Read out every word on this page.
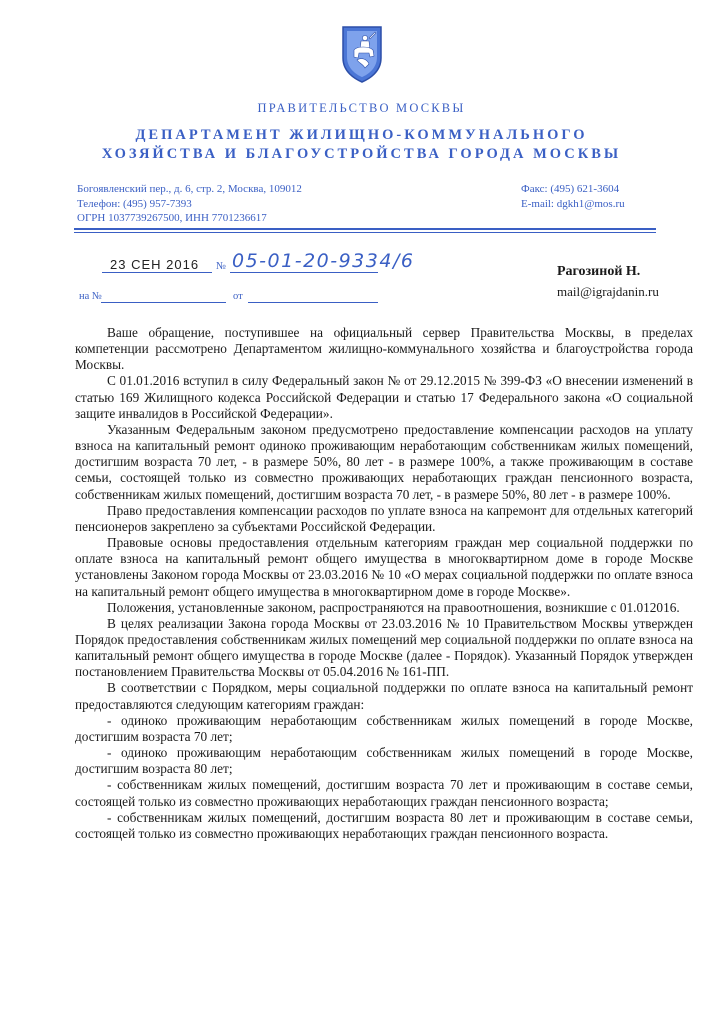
ПРАВИТЕЛЬСТВО МОСКВЫ
ДЕПАРТАМЕНТ ЖИЛИЩНО-КОММУНАЛЬНОГО
ХОЗЯЙСТВА И БЛАГОУСТРОЙСТВА ГОРОДА МОСКВЫ
Богоявленский пер., д. 6, стр. 2, Москва, 109012
Телефон: (495) 957-7393
ОГРН 1037739267500, ИНН 7701236617
Факс: (495) 621-3604
E-mail: dgkh1@mos.ru
23 СЕН 2016 № 05-01-20-9334/6
на №	от
Рагозиной Н.
mail@igrajdanin.ru

Ваше обращение, поступившее на официальный сервер Правительства Москвы, в пределах компетенции рассмотрено Департаментом жилищно-коммунального хозяйства и благоустройства города Москвы.

С 01.01.2016 вступил в силу Федеральный закон № от 29.12.2015 № 399-ФЗ «О внесении изменений в статью 169 Жилищного кодекса Российской Федерации и статью 17 Федерального закона «О социальной защите инвалидов в Российской Федерации».

Указанным Федеральным законом предусмотрено предоставление компенсации расходов на уплату взноса на капитальный ремонт одиноко проживающим неработающим собственникам жилых помещений, достигшим возраста 70 лет, - в размере 50%, 80 лет - в размере 100%, а также проживающим в составе семьи, состоящей только из совместно проживающих неработающих граждан пенсионного возраста, собственникам жилых помещений, достигшим возраста 70 лет, - в размере 50%, 80 лет - в размере 100%.

Право предоставления компенсации расходов по уплате взноса на капремонт для отдельных категорий пенсионеров закреплено за субъектами Российской Федерации.

Правовые основы предоставления отдельным категориям граждан мер социальной поддержки по оплате взноса на капитальный ремонт общего имущества в многоквартирном доме в городе Москве установлены Законом города Москвы от 23.03.2016 № 10 «О мерах социальной поддержки по оплате взноса на капитальный ремонт общего имущества в многоквартирном доме в городе Москве».

Положения, установленные законом, распространяются на правоотношения, возникшие с 01.012016.

В целях реализации Закона города Москвы от 23.03.2016 № 10 Правительством Москвы утвержден Порядок предоставления собственникам жилых помещений мер социальной поддержки по оплате взноса на капитальный ремонт общего имущества в городе Москве (далее - Порядок). Указанный Порядок утвержден постановлением Правительства Москвы от 05.04.2016 № 161-ПП.

В соответствии с Порядком, меры социальной поддержки по оплате взноса на капитальный ремонт предоставляются следующим категориям граждан:

- одиноко проживающим неработающим собственникам жилых помещений в городе Москве, достигшим возраста 70 лет;

- одиноко проживающим неработающим собственникам жилых помещений в городе Москве, достигшим возраста 80 лет;

- собственникам жилых помещений, достигшим возраста 70 лет и проживающим в составе семьи, состоящей только из совместно проживающих неработающих граждан пенсионного возраста;

- собственникам жилых помещений, достигшим возраста 80 лет и проживающим в составе семьи, состоящей только из совместно проживающих неработающих граждан пенсионного возраста.
